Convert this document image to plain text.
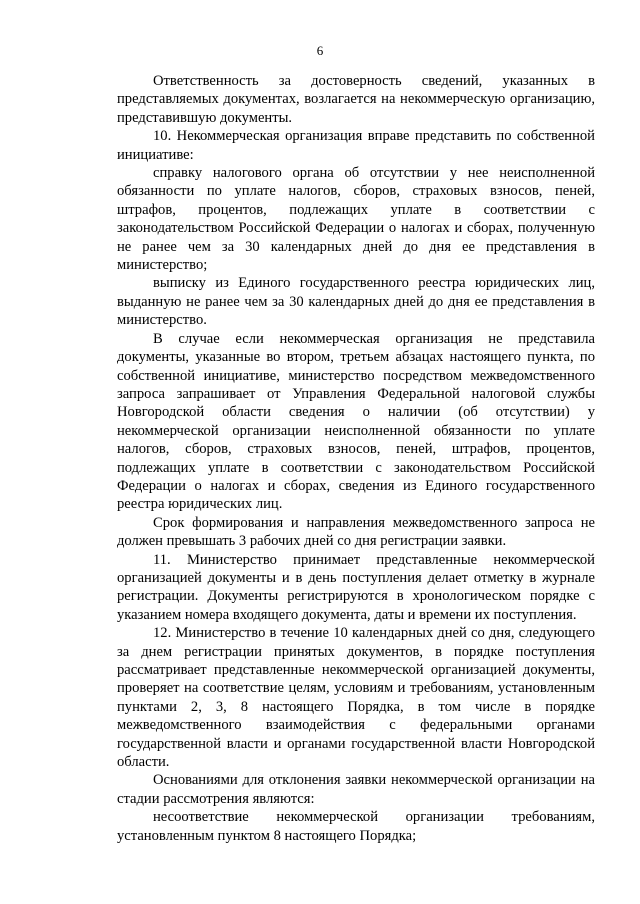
6

Ответственность за достоверность сведений, указанных в представляемых документах, возлагается на некоммерческую организацию, представившую документы.

10. Некоммерческая организация вправе представить по собственной инициативе:

справку налогового органа об отсутствии у нее неисполненной обязанности по уплате налогов, сборов, страховых взносов, пеней, штрафов, процентов, подлежащих уплате в соответствии с законодательством Российской Федерации о налогах и сборах, полученную не ранее чем за 30 календарных дней до дня ее представления в министерство;

выписку из Единого государственного реестра юридических лиц, выданную не ранее чем за 30 календарных дней до дня ее представления в министерство.

В случае если некоммерческая организация не представила документы, указанные во втором, третьем абзацах настоящего пункта, по собственной инициативе, министерство посредством межведомственного запроса запрашивает от Управления Федеральной налоговой службы Новгородской области сведения о наличии (об отсутствии) у некоммерческой организации неисполненной обязанности по уплате налогов, сборов, страховых взносов, пеней, штрафов, процентов, подлежащих уплате в соответствии с законодательством Российской Федерации о налогах и сборах, сведения из Единого государственного реестра юридических лиц.

Срок формирования и направления межведомственного запроса не должен превышать 3 рабочих дней со дня регистрации заявки.

11. Министерство принимает представленные некоммерческой организацией документы и в день поступления делает отметку в журнале регистрации. Документы регистрируются в хронологическом порядке с указанием номера входящего документа, даты и времени их поступления.

12. Министерство в течение 10 календарных дней со дня, следующего за днем регистрации принятых документов, в порядке поступления рассматривает представленные некоммерческой организацией документы, проверяет на соответствие целям, условиям и требованиям, установленным пунктами 2, 3, 8 настоящего Порядка, в том числе в порядке межведомственного взаимодействия с федеральными органами государственной власти и органами государственной власти Новгородской области.

Основаниями для отклонения заявки некоммерческой организации на стадии рассмотрения являются:

несоответствие некоммерческой организации требованиям, установленным пунктом 8 настоящего Порядка;
